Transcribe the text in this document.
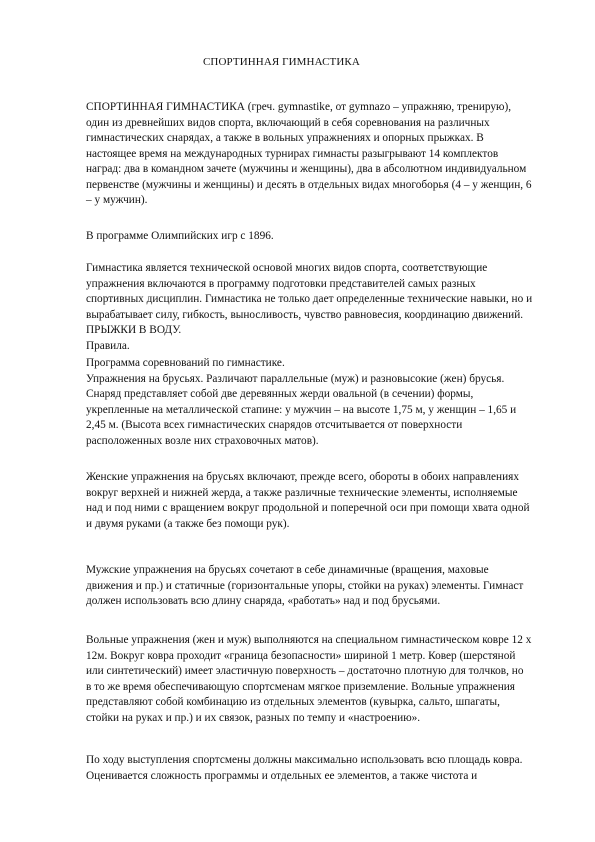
СПОРТИННАЯ ГИМНАСТИКА

СПОРТИННАЯ ГИМНАСТИКА (греч. gymnastike, от gymnazo – упражняю, тренирую),
один из древнейших видов спорта, включающий в себя соревнования на различных
гимнастических снарядах, а также в вольных упражнениях и опорных прыжках. В
настоящее время на международных турнирах гимнасты разыгрывают 14 комплектов
наград: два в командном зачете (мужчины и женщины), два в абсолютном индивидуальном
первенстве (мужчины и женщины) и десять в отдельных видах многоборья (4 – у женщин, 6
– у мужчин).

В программе Олимпийских игр с 1896.

Гимнастика является технической основой многих видов спорта, соответствующие
упражнения включаются в программу подготовки представителей самых разных
спортивных дисциплин. Гимнастика не только дает определенные технические навыки, но и
вырабатывает силу, гибкость, выносливость, чувство равновесия, координацию движений.
ПРЫЖКИ В ВОДУ.
Правила.

Программа соревнований по гимнастике.
Упражнения на брусьях. Различают параллельные (муж) и разновысокие (жен) брусья.
Снаряд представляет собой две деревянных жерди овальной (в сечении) формы,
укрепленные на металлической стапине: у мужчин – на высоте 1,75 м, у женщин – 1,65 и
2,45 м. (Высота всех гимнастических снарядов отсчитывается от поверхности
расположенных возле них страховочных матов).

Женские упражнения на брусьях включают, прежде всего, обороты в обоих направлениях
вокруг верхней и нижней жерда, а также различные технические элементы, исполняемые
над и под ними с вращением вокруг продольной и поперечной оси при помощи хвата одной
и двумя руками (а также без помощи рук).

Мужские упражнения на брусьях сочетают в себе динамичные (вращения, маховые
движения и пр.) и статичные (горизонтальные упоры, стойки на руках) элементы. Гимнаст
должен использовать всю длину снаряда, «работать» над и под брусьями.

Вольные упражнения (жен и муж) выполняются на специальном гимнастическом ковре 12 х
12м. Вокруг ковра проходит «граница безопасности» шириной 1 метр. Ковер (шерстяной
или синтетический) имеет эластичную поверхность – достаточно плотную для толчков, но
в то же время обеспечивающую спортсменам мягкое приземление. Вольные упражнения
представляют собой комбинацию из отдельных элементов (кувырка, сальто, шпагаты,
стойки на руках и пр.) и их связок, разных по темпу и «настроению».

По ходу выступления спортсмены должны максимально использовать всю площадь ковра.
Оценивается сложность программы и отдельных ее элементов, а также чистота и
